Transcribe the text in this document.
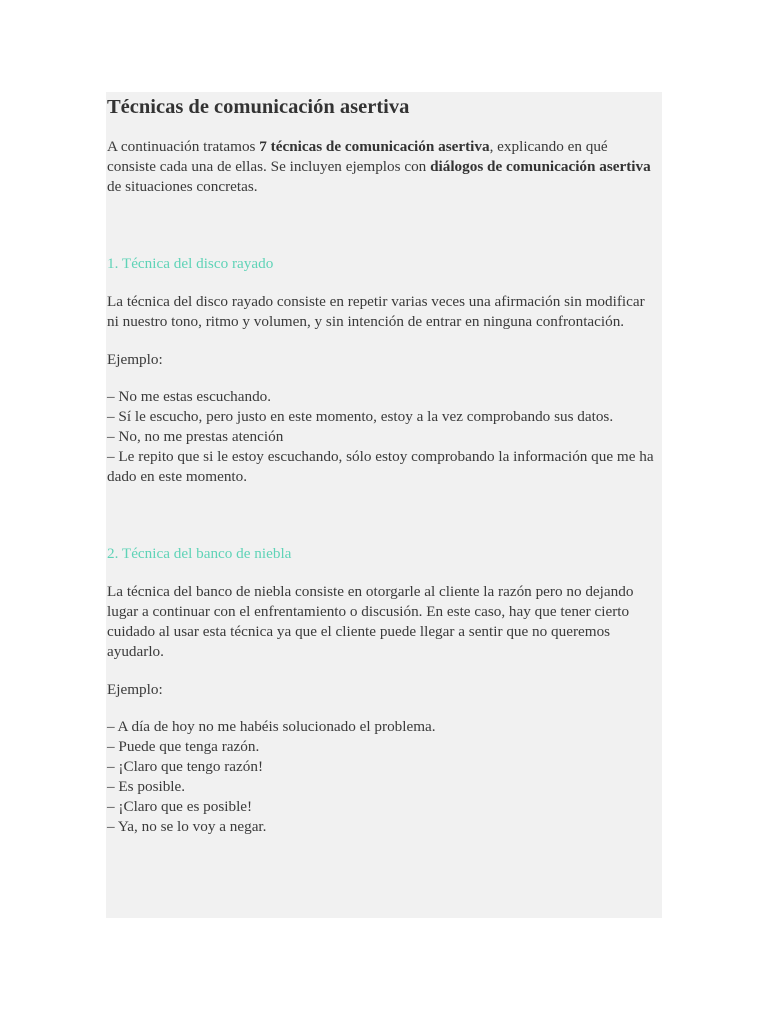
Técnicas de comunicación asertiva

A continuación tratamos 7 técnicas de comunicación asertiva, explicando en qué consiste cada una de ellas. Se incluyen ejemplos con diálogos de comunicación asertiva de situaciones concretas.

1. Técnica del disco rayado

La técnica del disco rayado consiste en repetir varias veces una afirmación sin modificar ni nuestro tono, ritmo y volumen, y sin intención de entrar en ninguna confrontación.

Ejemplo:

– No me estas escuchando.
– Sí le escucho, pero justo en este momento, estoy a la vez comprobando sus datos.
– No, no me prestas atención
– Le repito que si le estoy escuchando, sólo estoy comprobando la información que me ha dado en este momento.
2. Técnica del banco de niebla

La técnica del banco de niebla consiste en otorgarle al cliente la razón pero no dejando lugar a continuar con el enfrentamiento o discusión. En este caso, hay que tener cierto cuidado al usar esta técnica ya que el cliente puede llegar a sentir que no queremos ayudarlo.

Ejemplo:

– A día de hoy no me habéis solucionado el problema.
– Puede que tenga razón.
– ¡Claro que tengo razón!
– Es posible.
– ¡Claro que es posible!
– Ya, no se lo voy a negar.
